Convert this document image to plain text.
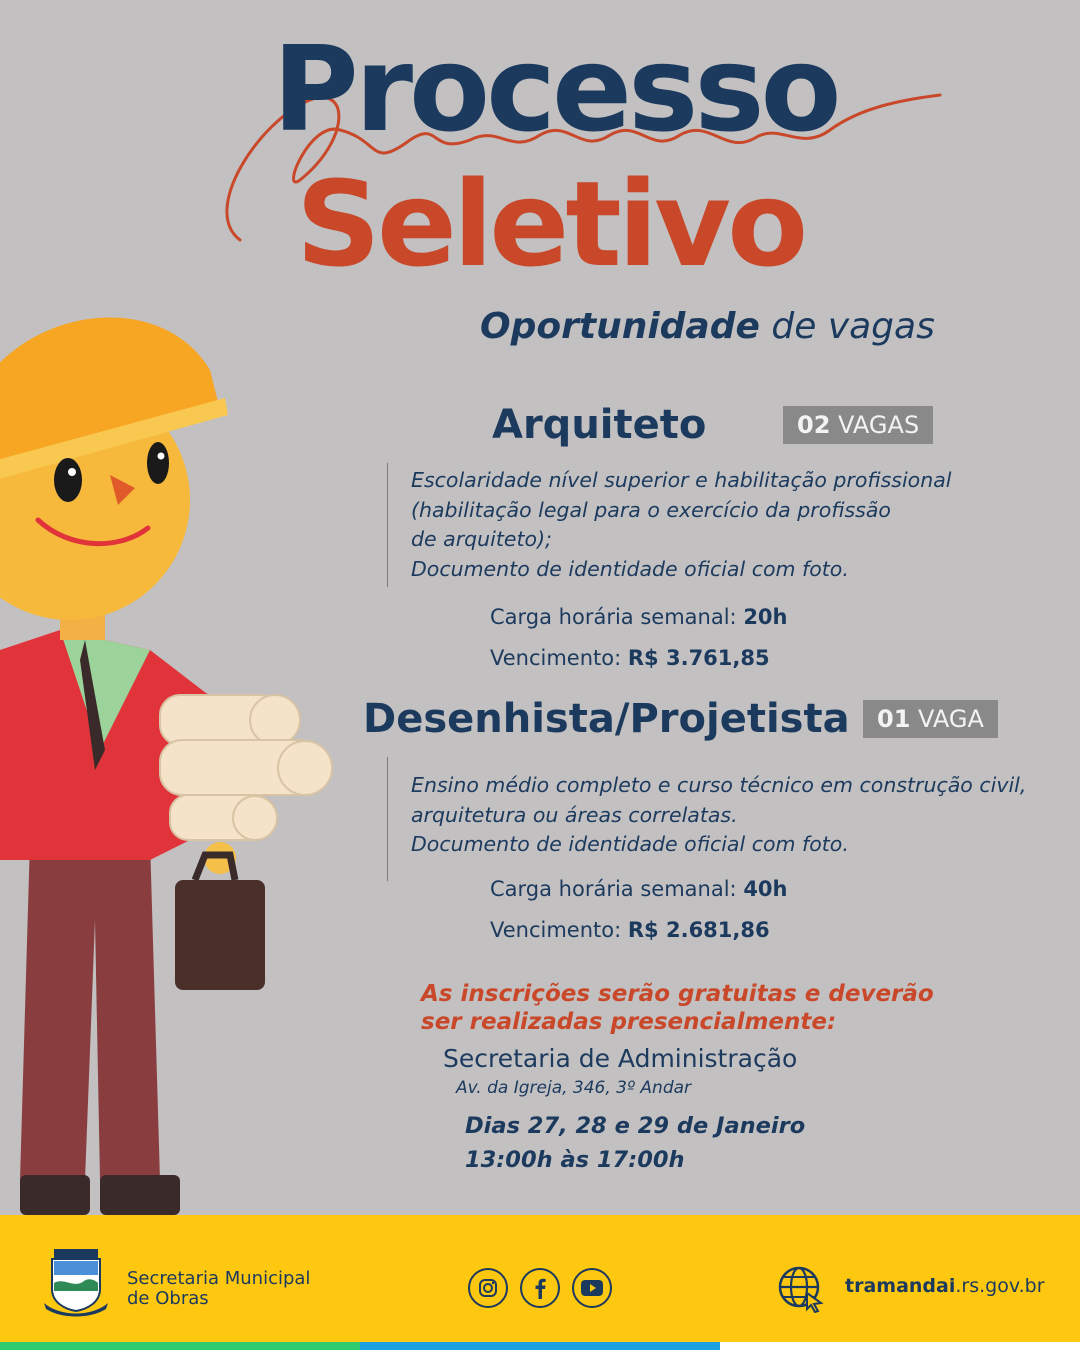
Processo
Seletivo
Oportunidade de vagas
Arquiteto	02 VAGAS
Escolaridade nível superior e habilitação profissional
(habilitação legal para o exercício da profissão
de arquiteto);
Documento de identidade oficial com foto.
Carga horária semanal: 20h
Vencimento: R$ 3.761,85
Desenhista/Projetista	01 VAGA
Ensino médio completo e curso técnico em construção civil,
arquitetura ou áreas correlatas.
Documento de identidade oficial com foto.
Carga horária semanal: 40h
Vencimento: R$ 2.681,86
As inscrições serão gratuitas e deverão
ser realizadas presencialmente:
Secretaria de Administração
Av. da Igreja, 346, 3º Andar
Dias 27, 28 e 29 de Janeiro
13:00h às 17:00h
Secretaria Municipal
de Obras
tramandai.rs.gov.br
